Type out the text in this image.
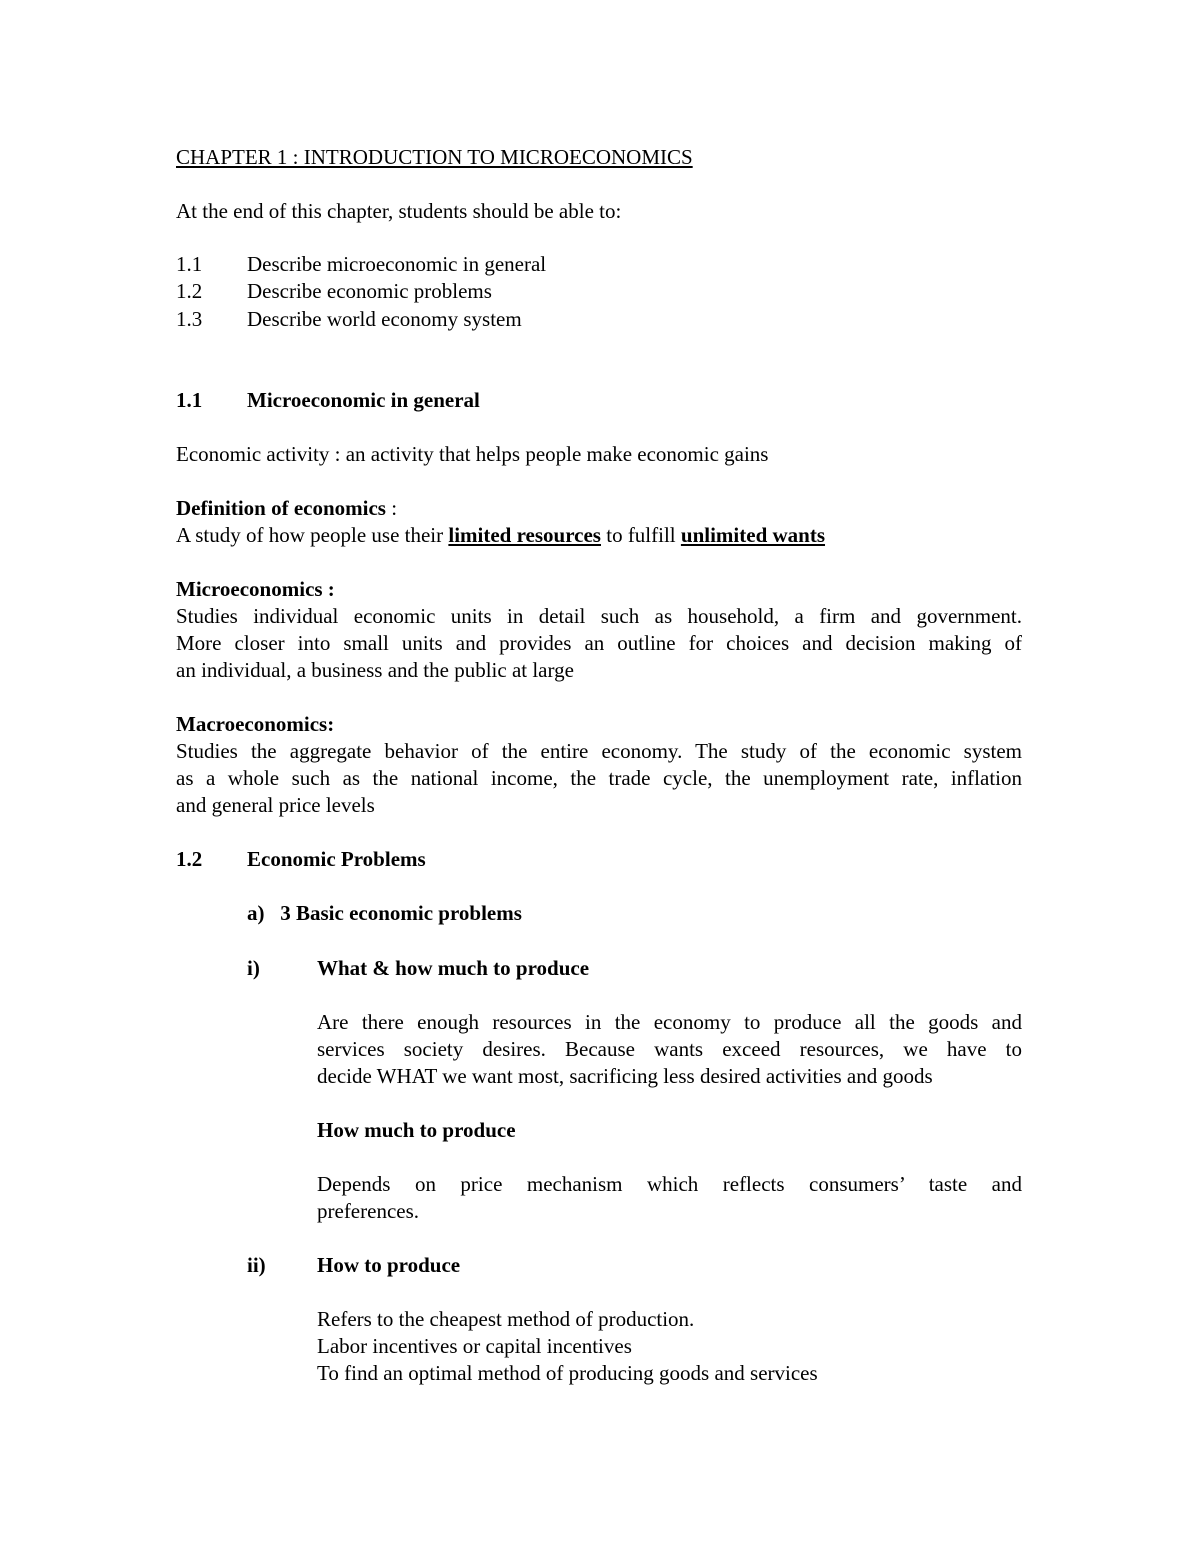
CHAPTER 1 : INTRODUCTION TO MICROECONOMICS

At the end of this chapter, students should be able to:

1.1 Describe microeconomic in general

1.2 Describe economic problems

1.3 Describe world economy system

1.1 Microeconomic in general

Economic activity : an activity that helps people make economic gains

Definition of economics :

A study of how people use their limited resources to fulfill unlimited wants

Microeconomics :

Studies individual economic units in detail such as household, a firm and government.
More closer into small units and provides an outline for choices and decision making of
an individual, a business and the public at large

Macroeconomics:

Studies the aggregate behavior of the entire economy. The study of the economic system
as a whole such as the national income, the trade cycle, the unemployment rate, inflation
and general price levels

1.2 Economic Problems

a)   3 Basic economic problems

i)	What & how much to produce

Are there enough resources in the economy to produce all the goods and
services society desires. Because wants exceed resources, we have to
decide WHAT we want most, sacrificing less desired activities and goods

How much to produce

Depends on price mechanism which reflects consumers’ taste and
preferences.

ii) How to produce

Refers to the cheapest method of production.

Labor incentives or capital incentives

To find an optimal method of producing goods and services
